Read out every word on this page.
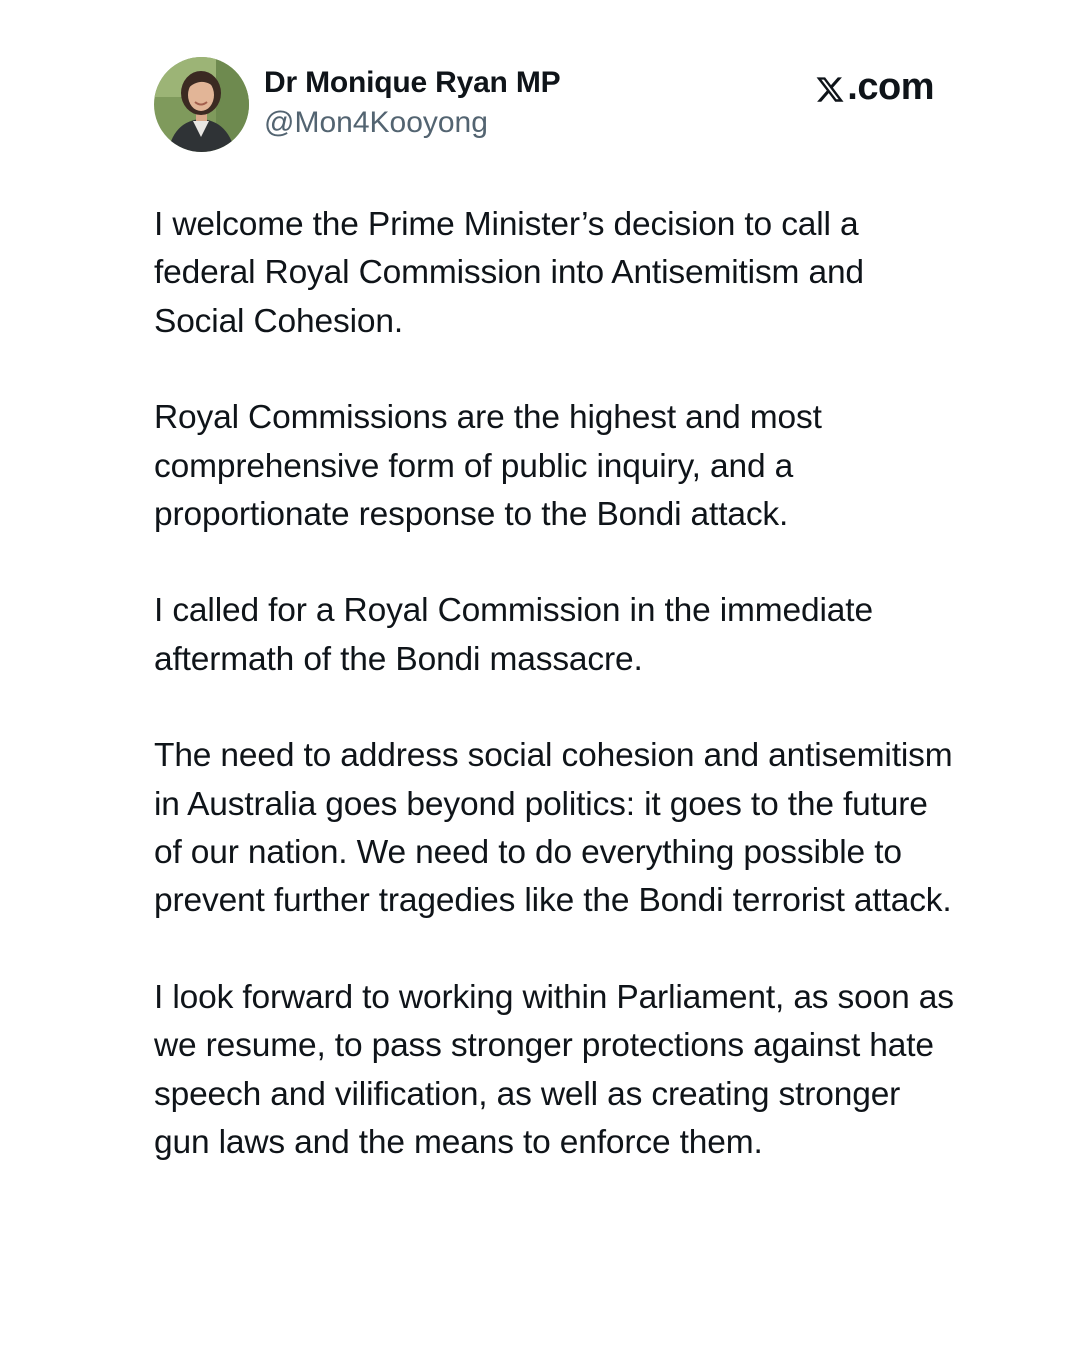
Dr Monique Ryan MP
@Mon4Kooyong
.com

I welcome the Prime Minister’s decision to call a federal Royal Commission into Antisemitism and Social Cohesion.

Royal Commissions are the highest and most comprehensive form of public inquiry, and a proportionate response to the Bondi attack.

I called for a Royal Commission in the immediate aftermath of the Bondi massacre.

The need to address social cohesion and antisemitism in Australia goes beyond politics: it goes to the future of our nation. We need to do everything possible to prevent further tragedies like the Bondi terrorist attack.

I look forward to working within Parliament, as soon as we resume, to pass stronger protections against hate speech and vilification, as well as creating stronger gun laws and the means to enforce them.
